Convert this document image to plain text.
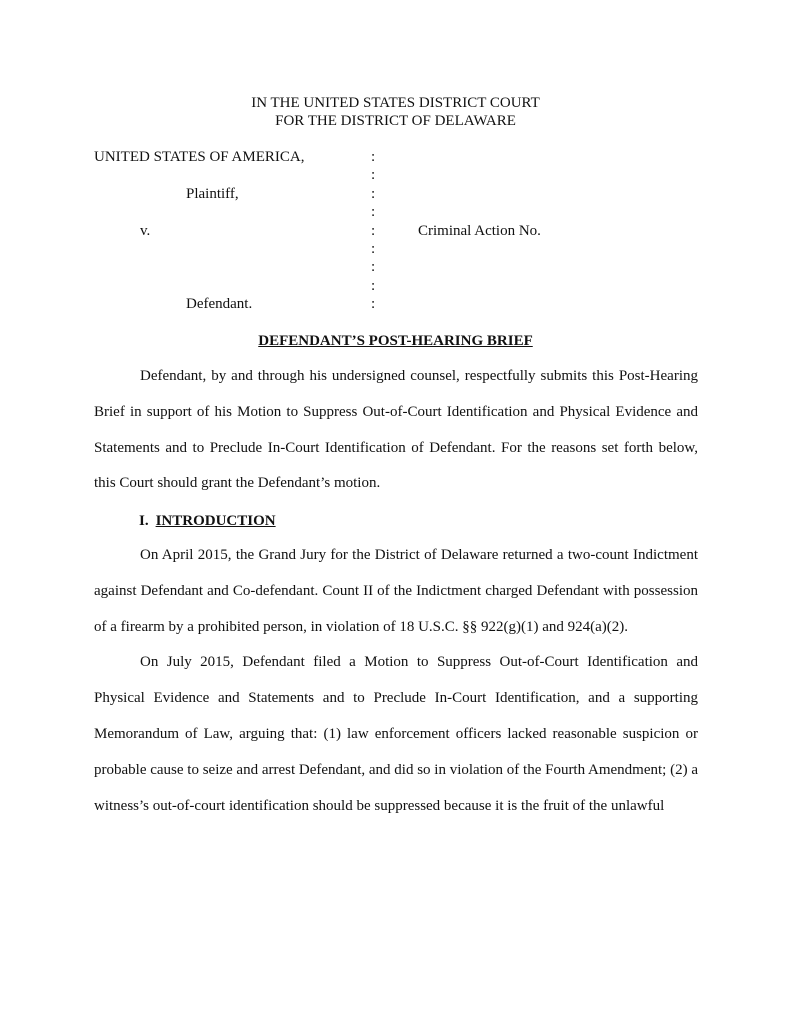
IN THE UNITED STATES DISTRICT COURT
FOR THE DISTRICT OF DELAWARE
UNITED STATES OF AMERICA,
Plaintiff,
v.	Criminal Action No.
Defendant.
:
:
:
:
:
:
:
:
:
DEFENDANT’S POST-HEARING BRIEF

Defendant, by and through his undersigned counsel, respectfully submits this Post-Hearing Brief in support of his Motion to Suppress Out-of-Court Identification and Physical Evidence and Statements and to Preclude In-Court Identification of Defendant. For the reasons set forth below, this Court should grant the Defendant’s motion.

I. INTRODUCTION

On April 2015, the Grand Jury for the District of Delaware returned a two-count Indictment against Defendant and Co-defendant. Count II of the Indictment charged Defendant with possession of a firearm by a prohibited person, in violation of 18 U.S.C. §§ 922(g)(1) and 924(a)(2).

On July 2015, Defendant filed a Motion to Suppress Out-of-Court Identification and Physical Evidence and Statements and to Preclude In-Court Identification, and a supporting Memorandum of Law, arguing that: (1) law enforcement officers lacked reasonable suspicion or probable cause to seize and arrest Defendant, and did so in violation of the Fourth Amendment; (2) a witness’s out-of-court identification should be suppressed because it is the fruit of the unlawful
